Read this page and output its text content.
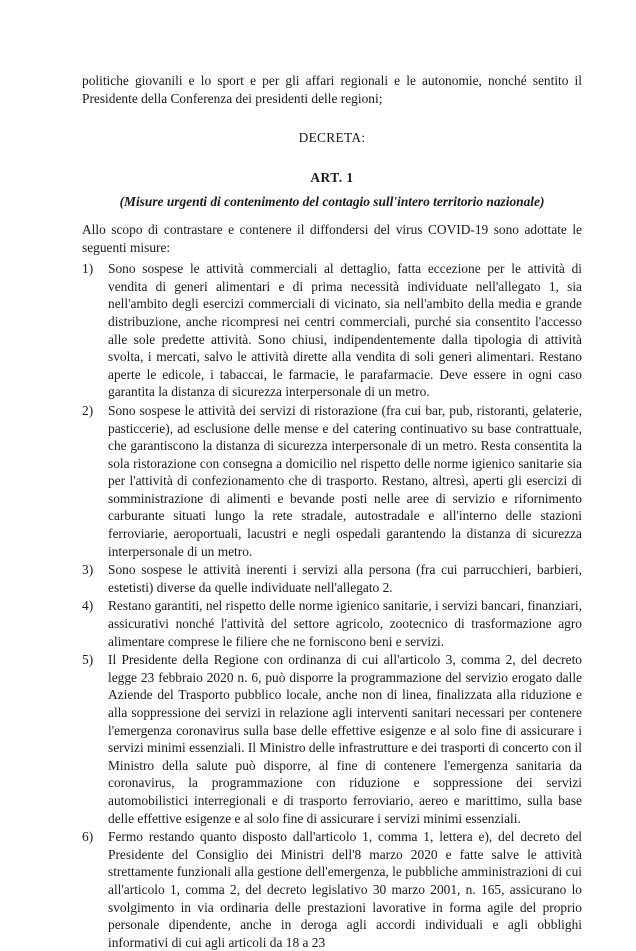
politiche giovanili e lo sport e per gli affari regionali e le autonomie, nonché sentito il Presidente della Conferenza dei presidenti delle regioni;

DECRETA:

ART. 1

(Misure urgenti di contenimento del contagio sull'intero territorio nazionale)

Allo scopo di contrastare e contenere il diffondersi del virus COVID-19 sono adottate le seguenti misure:

1)	Sono sospese le attività commerciali al dettaglio, fatta eccezione per le attività di vendita di generi alimentari e di prima necessità individuate nell'allegato 1, sia nell'ambito degli esercizi commerciali di vicinato, sia nell'ambito della media e grande distribuzione, anche ricompresi nei centri commerciali, purché sia consentito l'accesso alle sole predette attività. Sono chiusi, indipendentemente dalla tipologia di attività svolta, i mercati, salvo le attività dirette alla vendita di soli generi alimentari. Restano aperte le edicole, i tabaccai, le farmacie, le parafarmacie. Deve essere in ogni caso garantita la distanza di sicurezza interpersonale di un metro.
2)	Sono sospese le attività dei servizi di ristorazione (fra cui bar, pub, ristoranti, gelaterie, pasticcerie), ad esclusione delle mense e del catering continuativo su base contrattuale, che garantiscono la distanza di sicurezza interpersonale di un metro. Resta consentita la sola ristorazione con consegna a domicilio nel rispetto delle norme igienico sanitarie sia per l'attività di confezionamento che di trasporto. Restano, altresì, aperti gli esercizi di somministrazione di alimenti e bevande posti nelle aree di servizio e rifornimento carburante situati lungo la rete stradale, autostradale e all'interno delle stazioni ferroviarie, aeroportuali, lacustri e negli ospedali garantendo la distanza di sicurezza interpersonale di un metro.
3)	Sono sospese le attività inerenti i servizi alla persona (fra cui parrucchieri, barbieri, estetisti) diverse da quelle individuate nell'allegato 2.
4)	Restano garantiti, nel rispetto delle norme igienico sanitarie, i servizi bancari, finanziari, assicurativi nonché l'attività del settore agricolo, zootecnico di trasformazione agro alimentare comprese le filiere che ne forniscono beni e servizi.
5)	Il Presidente della Regione con ordinanza di cui all'articolo 3, comma 2, del decreto legge 23 febbraio 2020 n. 6, può disporre la programmazione del servizio erogato dalle Aziende del Trasporto pubblico locale, anche non di linea, finalizzata alla riduzione e alla soppressione dei servizi in relazione agli interventi sanitari necessari per contenere l'emergenza coronavirus sulla base delle effettive esigenze e al solo fine di assicurare i servizi minimi essenziali. Il Ministro delle infrastrutture e dei trasporti di concerto con il Ministro della salute può disporre, al fine di contenere l'emergenza sanitaria da coronavirus, la programmazione con riduzione e soppressione dei servizi automobilistici interregionali e di trasporto ferroviario, aereo e marittimo, sulla base delle effettive esigenze e al solo fine di assicurare i servizi minimi essenziali.
6)	Fermo restando quanto disposto dall'articolo 1, comma 1, lettera e), del decreto del Presidente del Consiglio dei Ministri dell'8 marzo 2020 e fatte salve le attività strettamente funzionali alla gestione dell'emergenza, le pubbliche amministrazioni di cui all'articolo 1, comma 2, del decreto legislativo 30 marzo 2001, n. 165, assicurano lo svolgimento in via ordinaria delle prestazioni lavorative in forma agile del proprio personale dipendente, anche in deroga agli accordi individuali e agli obblighi informativi di cui agli articoli da 18 a 23
